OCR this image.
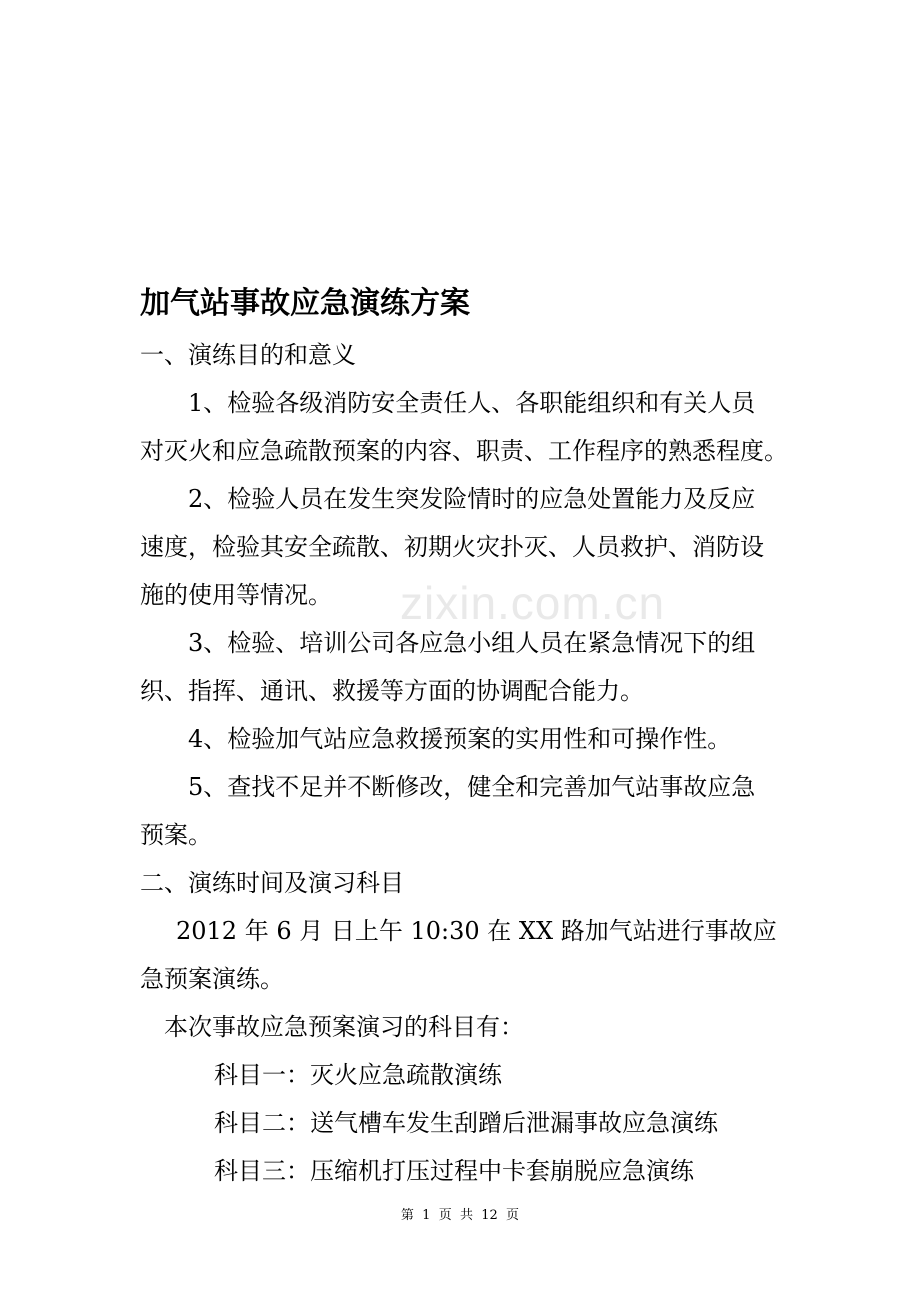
zixin.com.cn
加气站事故应急演练方案
一、演练目的和意义
1、检验各级消防安全责任人、各职能组织和有关人员
对灭火和应急疏散预案的内容、职责、工作程序的熟悉程度。
2、检验人员在发生突发险情时的应急处置能力及反应
速度，检验其安全疏散、初期火灾扑灭、人员救护、消防设
施的使用等情况。
3、检验、培训公司各应急小组人员在紧急情况下的组
织、指挥、通讯、救援等方面的协调配合能力。
4、检验加气站应急救援预案的实用性和可操作性。
5、查找不足并不断修改，健全和完善加气站事故应急
预案。
二、演练时间及演习科目
2012 年 6 月 日上午 10:30 在 XX 路加气站进行事故应
急预案演练。
本次事故应急预案演习的科目有：
科目一：灭火应急疏散演练
科目二：送气槽车发生刮蹭后泄漏事故应急演练
科目三：压缩机打压过程中卡套崩脱应急演练
第  1  页  共  12  页
